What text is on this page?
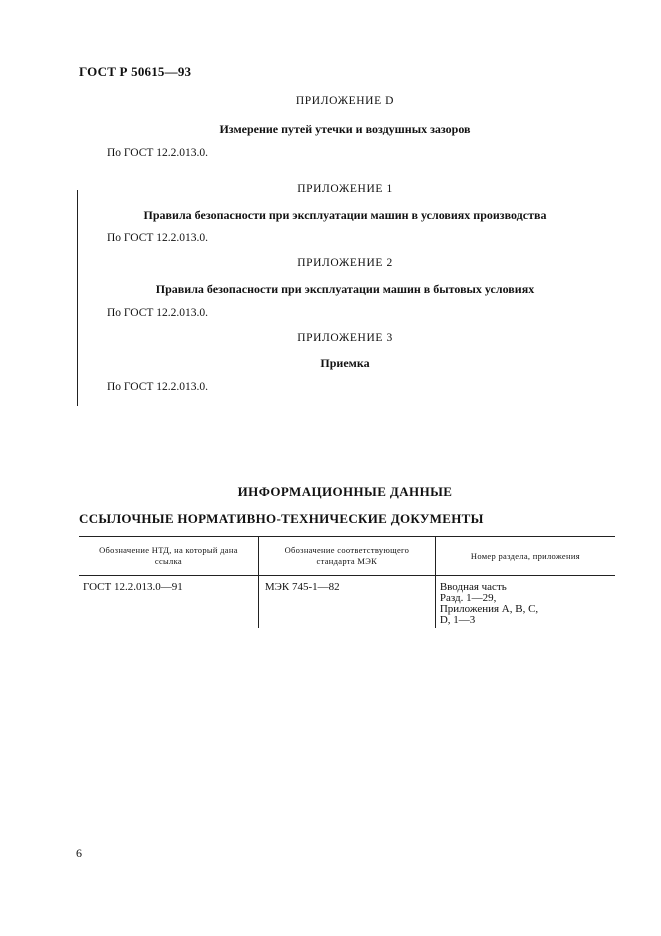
ГОСТ Р 50615—93
ПРИЛОЖЕНИЕ D
Измерение путей утечки и воздушных зазоров
По ГОСТ 12.2.013.0.
ПРИЛОЖЕНИЕ 1
Правила безопасности при эксплуатации машин в условиях производства
По ГОСТ 12.2.013.0.
ПРИЛОЖЕНИЕ 2
Правила безопасности при эксплуатации машин в бытовых условиях
По ГОСТ 12.2.013.0.
ПРИЛОЖЕНИЕ 3
Приемка
По ГОСТ 12.2.013.0.
ИНФОРМАЦИОННЫЕ ДАННЫЕ
ССЫЛОЧНЫЕ НОРМАТИВНО-ТЕХНИЧЕСКИЕ ДОКУМЕНТЫ
Обозначение НТД, на который дана ссылка	Обозначение соответствующего стандарта МЭК	Номер раздела, приложения
ГОСТ 12.2.013.0—91	МЭК 745-1—82	Вводная часть
Разд. 1—29,
Приложения А, В, С,
D, 1—3
6
